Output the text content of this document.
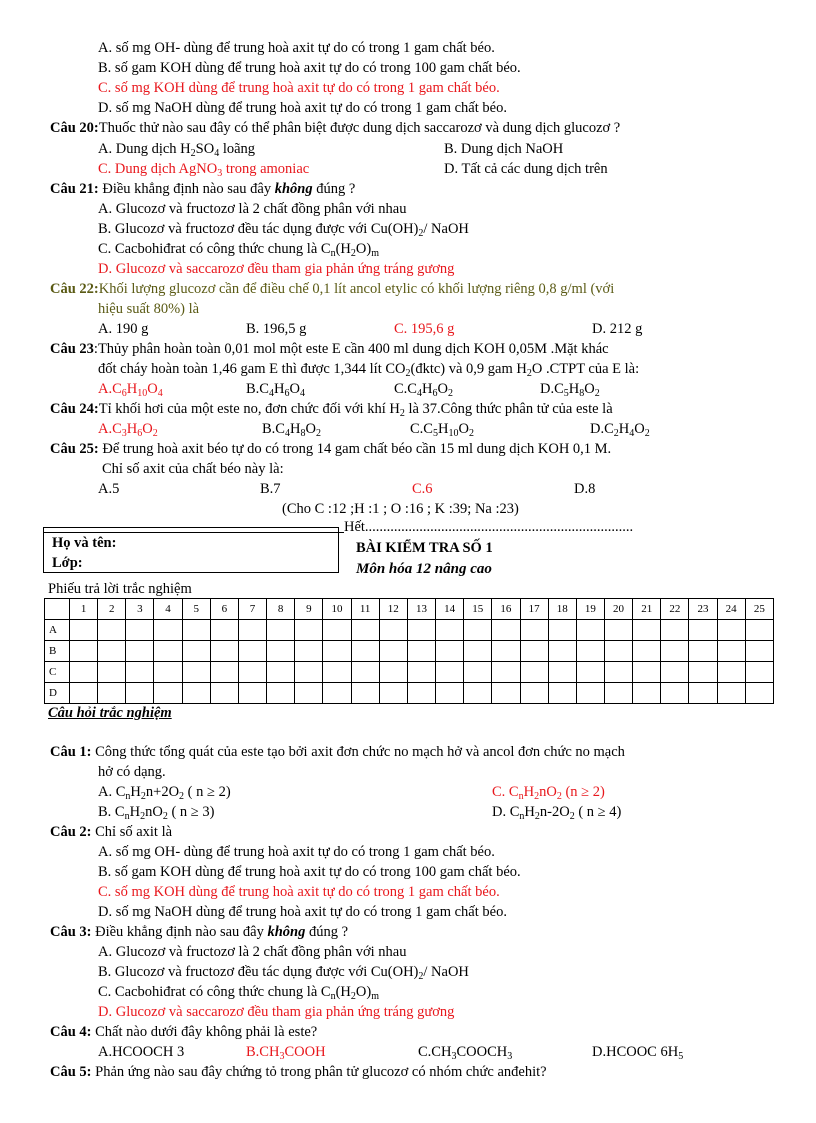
A. số mg OH- dùng để trung hoà axit tự do có trong 1 gam chất béo.
B. số gam KOH dùng để trung hoà axit tự do có trong 100 gam chất béo.
C. số mg KOH dùng để trung hoà axit tự do có trong 1 gam chất béo.
D. số mg NaOH dùng để trung hoà axit tự do có trong 1 gam chất béo.
Câu 20:Thuốc thử nào sau đây có thể phân biệt được dung dịch saccarozơ và dung dịch glucozơ ?
A. Dung dịch $H_2SO_4$ loãng	B. Dung dịch NaOH
C. Dung dịch AgNO$_3$ trong amoniac	D. Tất cả các dung dịch trên
Câu 21: Điều khẳng định nào sau đây không đúng ?
A. Glucozơ và fructozơ là 2 chất đồng phân với nhau
B. Glucozơ và fructozơ đều tác dụng được với $Cu(OH)_2/$ NaOH
C. Cacbohiđrat có công thức chung là $C_n(H_2O)_m$
D. Glucozơ và saccarozơ đều tham gia phản ứng tráng gương
Câu 22:Khối lượng glucozơ cần để điều chế 0,1 lít ancol etylic có khối lượng riêng 0,8 g/ml (với
hiệu suất 80%) là
A. 190 g	B. 196,5 g	C. 195,6 g	D. 212 g
Câu 23:Thủy phân hoàn toàn 0,01 mol một este E cần 400 ml dung dịch KOH 0,05M .Mặt khác
đốt cháy hoàn toàn 1,46 gam E thì được 1,344 lít $CO_2(đktc)$ và 0,9 gam $H_2O$ .CTPT của E là:
$A.C_6H_{10}O_4$	$B.C_4H_6O_4$	$C.C_4H_6O_2$	$D.C_5H_8O_2$
Câu 24:Tỉ khối hơi của một este no, đơn chức đối với khí $H_2$ là 37.Công thức phân tử của este là
$A.C_3H_6O_2$	$B.C_4H_8O_2$	$C.C_5H_{10}O_2$	$D.C_2H_4O_2$
Câu 25: Để trung hoà axit béo tự do có trong 14 gam chất béo cần 15 ml dung dịch KOH 0,1 M.
Chỉ số axit của chất béo này là:
A.5	B.7	C.6	D.8
(Cho C :12 ;H :1 ; O :16 ; K :39; Na :23)
Hết..........................................................................
Họ và tên:
Lớp:
BÀI KIỂM TRA SỐ 1
Môn hóa 12 nâng cao
Phiếu trả lời trắc nghiệm
	1	2	3	4	5	6	7	8	9	10	11	12	13	14	15	16	17	18	19	20	21	22	23	24	25
A																									
B																									
C																									
D																									
Câu hỏi trắc nghiệm
Câu 1: Công thức tổng quát của este tạo bởi axit đơn chức no mạch hở và ancol đơn chức no mạch
hở có dạng.
A. $C_nH_2n+2O_2$ ( n ≥ 2)	C. $C_nH_2nO_2$ (n ≥ 2)
B. $C_nH_2nO_2$ ( n ≥ 3)	D. $C_nH_2n-2O_2$ ( n ≥ 4)
Câu 2: Chỉ số axit là
A. số mg OH- dùng để trung hoà axit tự do có trong 1 gam chất béo.
B. số gam KOH dùng để trung hoà axit tự do có trong 100 gam chất béo.
C. số mg KOH dùng để trung hoà axit tự do có trong 1 gam chất béo.
D. số mg NaOH dùng để trung hoà axit tự do có trong 1 gam chất béo.
Câu 3: Điều khẳng định nào sau đây không đúng ?
A. Glucozơ và fructozơ là 2 chất đồng phân với nhau
B. Glucozơ và fructozơ đều tác dụng được với $Cu(OH)_2/$ NaOH
C. Cacbohiđrat có công thức chung là $C_n(H_2O)_m$
D. Glucozơ và saccarozơ đều tham gia phản ứng tráng gương
Câu 4: Chất nào dưới đây không phải là este?
A.HCOOCH 3	$B.CH_3COOH$	$C.CH_3COOCH_3$	D.HCOOC $6H_5$
Câu 5: Phản ứng nào sau đây chứng tỏ trong phân tử glucozơ có nhóm chức anđehit?
